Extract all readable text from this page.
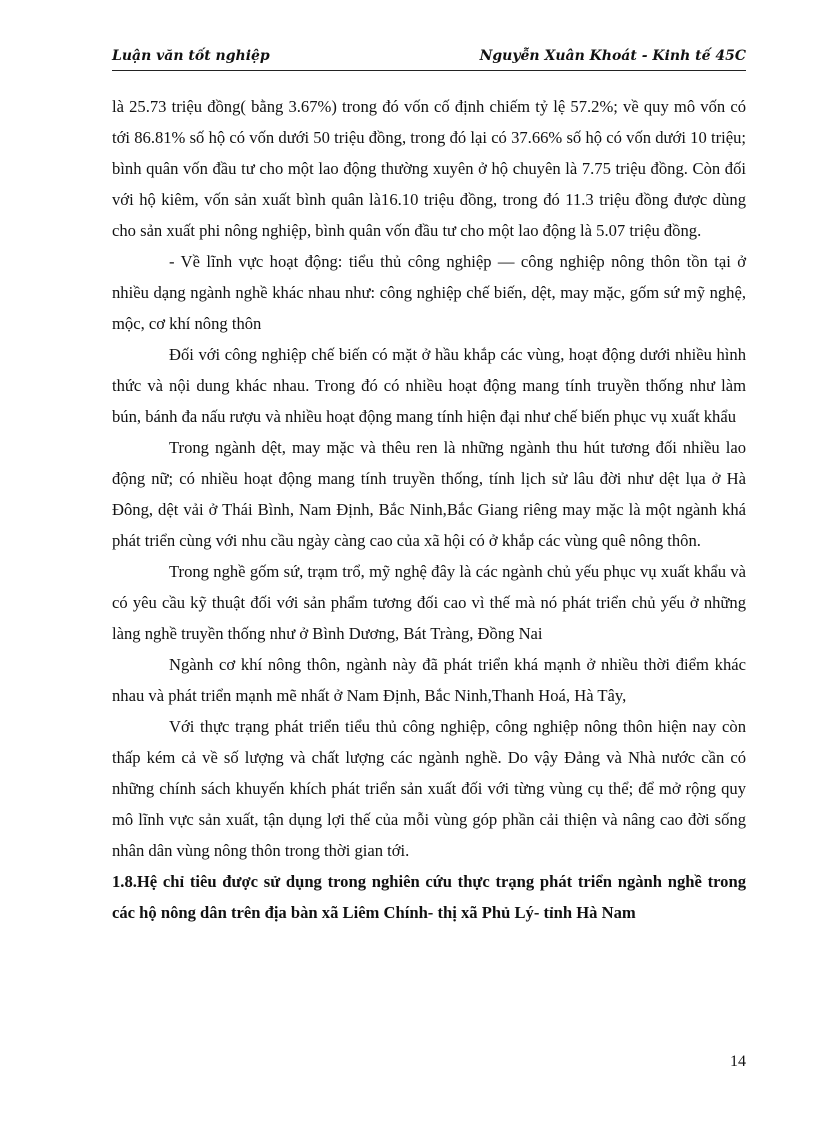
Luận văn tốt nghiệp	Nguyễn Xuân Khoát - Kinh tế 45C

là 25.73 triệu đồng( bằng 3.67%) trong đó vốn cố định chiếm tỷ lệ 57.2%; về quy mô vốn có tới 86.81% số hộ có vốn dưới 50 triệu đồng, trong đó lại có 37.66% số hộ có vốn dưới 10 triệu; bình quân vốn đầu tư cho một lao động thường xuyên ở hộ chuyên là 7.75 triệu đồng. Còn đối với hộ kiêm, vốn sản xuất bình quân là16.10 triệu đồng, trong đó 11.3 triệu đồng được dùng cho sản xuất phi nông nghiệp, bình quân vốn đầu tư cho một lao động là 5.07 triệu đồng.

- Về lĩnh vực hoạt động: tiểu thủ công nghiệp — công nghiệp nông thôn tồn tại ở nhiều dạng ngành nghề khác nhau như: công nghiệp chế biến, dệt, may mặc, gốm sứ mỹ nghệ, mộc, cơ khí nông thôn

Đối với công nghiệp chế biến có mặt ở hầu khắp các vùng, hoạt động dưới nhiều hình thức và nội dung khác nhau. Trong đó có nhiều hoạt động mang tính truyền thống như làm bún, bánh đa nấu rượu và nhiều hoạt động mang tính hiện đại như chế biến phục vụ xuất khẩu

Trong ngành dệt, may mặc và thêu ren là những ngành thu hút tương đối nhiều lao động nữ; có nhiều hoạt động mang tính truyền thống, tính lịch sử lâu đời như dệt lụa ở Hà Đông, dệt vải ở Thái Bình, Nam Định, Bắc Ninh,Bắc Giang riêng may mặc là một ngành khá phát triển cùng với nhu cầu ngày càng cao của xã hội có ở khắp các vùng quê nông thôn.

Trong nghề gốm sứ, trạm trổ, mỹ nghệ đây là các ngành chủ yếu phục vụ xuất khẩu và có yêu cầu kỹ thuật đối với sản phẩm tương đối cao vì thế mà nó phát triển chủ yếu ở những làng nghề truyền thống như ở Bình Dương, Bát Tràng, Đồng Nai

Ngành cơ khí nông thôn, ngành này đã phát triển khá mạnh ở nhiều thời điểm khác nhau và phát triển mạnh mẽ nhất ở Nam Định, Bắc Ninh,Thanh Hoá, Hà Tây,

Với thực trạng phát triển tiểu thủ công nghiệp, công nghiệp nông thôn hiện nay còn thấp kém cả về số lượng và chất lượng các ngành nghề. Do vậy Đảng và Nhà nước cần có những chính sách khuyến khích phát triển sản xuất đối với từng vùng cụ thể; để mở rộng quy mô lĩnh vực sản xuất, tận dụng lợi thế của mỗi vùng góp phần cải thiện và nâng cao đời sống nhân dân vùng nông thôn trong thời gian tới.

1.8.Hệ chỉ tiêu được sử dụng trong nghiên cứu thực trạng phát triển ngành nghề trong các hộ nông dân trên địa bàn xã Liêm Chính- thị xã Phủ Lý- tỉnh Hà Nam

14
